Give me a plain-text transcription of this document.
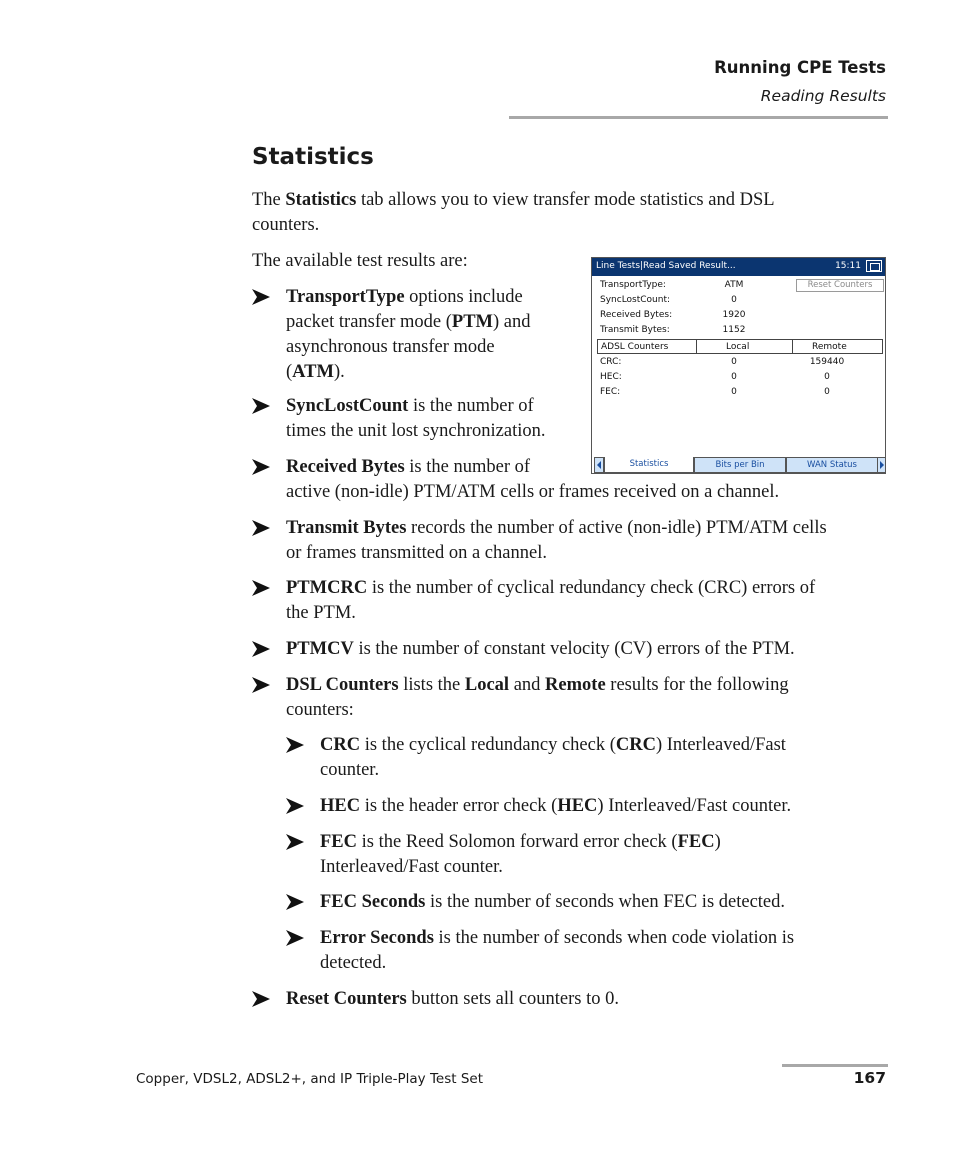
Running CPE Tests
Reading Results
Statistics

The Statistics tab allows you to view transfer mode statistics and DSL
counters.

The available test results are:

TransportType options include
packet transfer mode (PTM) and
asynchronous transfer mode
(ATM).
SyncLostCount is the number of
times the unit lost synchronization.
Received Bytes is the number of
active (non-idle) PTM/ATM cells or frames received on a channel.
Transmit Bytes records the number of active (non-idle) PTM/ATM cells
or frames transmitted on a channel.
PTMCRC is the number of cyclical redundancy check (CRC) errors of
the PTM.
PTMCV is the number of constant velocity (CV) errors of the PTM.
DSL Counters lists the Local and Remote results for the following
counters:
CRC is the cyclical redundancy check (CRC) Interleaved/Fast
counter.
HEC is the header error check (HEC) Interleaved/Fast counter.
FEC is the Reed Solomon forward error check (FEC)
Interleaved/Fast counter.
FEC Seconds is the number of seconds when FEC is detected.
Error Seconds is the number of seconds when code violation is
detected.
Reset Counters button sets all counters to 0.
Line Tests|Read Saved Result...	15:11
TransportType:	ATM
SyncLostCount:	0
Received Bytes:	1920
Transmit Bytes:	1152
Reset Counters
ADSL Counters	Local	Remote
CRC:	0	159440
HEC:	0	0
FEC:	0	0
Statistics	Bits per Bin	WAN Status
Copper, VDSL2, ADSL2+, and IP Triple-Play Test Set	167
